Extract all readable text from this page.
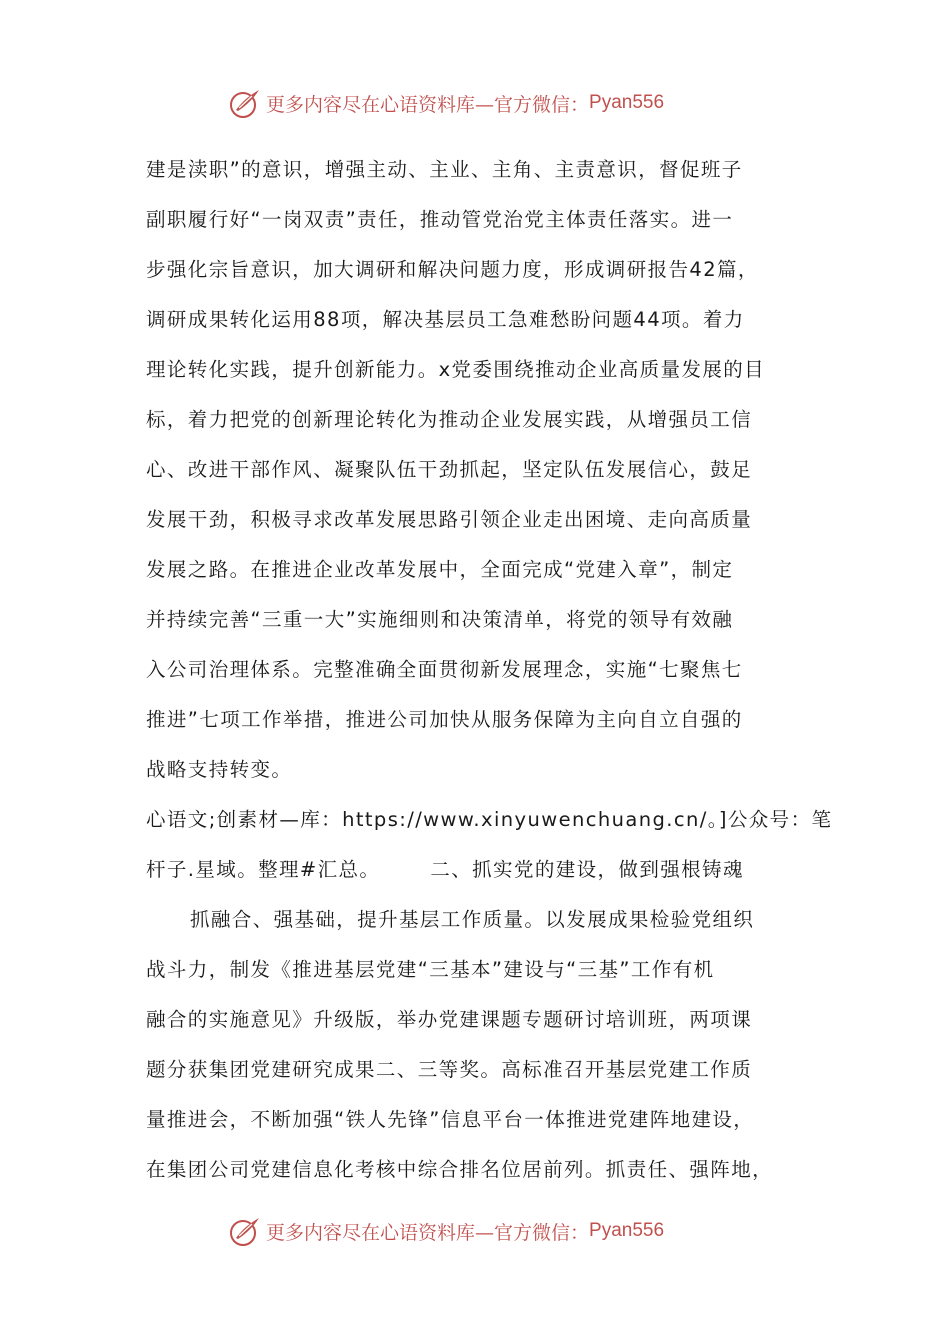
更多内容尽在心语资料库—官方微信： Pyan556
建是渎职”的意识，增强主动、主业、主角、主责意识，督促班子
副职履行好“一岗双责”责任，推动管党治党主体责任落实。进一
步强化宗旨意识，加大调研和解决问题力度，形成调研报告42篇，
调研成果转化运用88项，解决基层员工急难愁盼问题44项。着力
理论转化实践，提升创新能力。x党委围绕推动企业高质量发展的目
标，着力把党的创新理论转化为推动企业发展实践，从增强员工信
心、改进干部作风、凝聚队伍干劲抓起，坚定队伍发展信心，鼓足
发展干劲，积极寻求改革发展思路引领企业走出困境、走向高质量
发展之路。在推进企业改革发展中，全面完成“党建入章”，制定
并持续完善“三重一大”实施细则和决策清单，将党的领导有效融
入公司治理体系。完整准确全面贯彻新发展理念，实施“七聚焦七
推进”七项工作举措，推进公司加快从服务保障为主向自立自强的
战略支持转变。
心语文;创素材—库：https://www.xinyuwenchuang.cn/。]公众号：笔
杆子.星域。整理#汇总。	二、抓实党的建设，做到强根铸魂
抓融合、强基础，提升基层工作质量。以发展成果检验党组织
战斗力，制发《推进基层党建“三基本”建设与“三基”工作有机
融合的实施意见》升级版，举办党建课题专题研讨培训班，两项课
题分获集团党建研究成果二、三等奖。高标准召开基层党建工作质
量推进会，不断加强“铁人先锋”信息平台一体推进党建阵地建设，
在集团公司党建信息化考核中综合排名位居前列。抓责任、强阵地，
更多内容尽在心语资料库—官方微信： Pyan556
